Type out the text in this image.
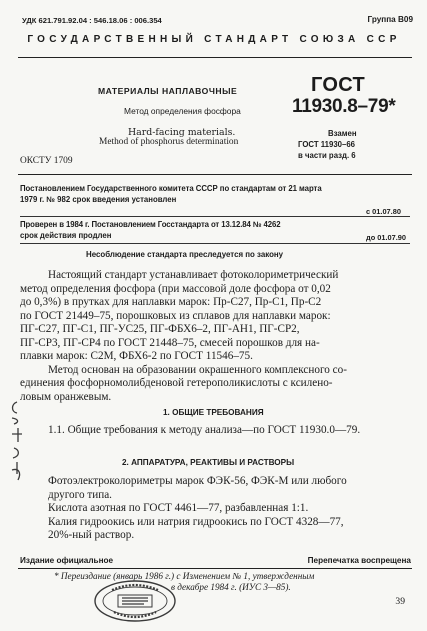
УДК 621.791.92.04 : 546.18.06 : 006.354	Группа В09
ГОСУДАРСТВЕННЫЙ СТАНДАРТ СОЮЗА ССР
МАТЕРИАЛЫ НАПЛАВОЧНЫЕ
Метод определения фосфора
Hard-facing materials.
Method of phosphorus determination
ОКСТУ 1709
ГОСТ
11930.8–79*
Взамен
ГОСТ 11930–66
в части разд. 6
Постановлением Государственного комитета СССР по стандартам от 21 марта
1979 г. № 982 срок введения установлен
с 01.07.80
Проверен в 1984 г. Постановлением Госстандарта от 13.12.84 № 4262
срок действия продлен	до 01.07.90
Несоблюдение стандарта преследуется по закону
Настоящий стандарт устанавливает фотоколориметрический
метод определения фосфора (при массовой доле фосфора от 0,02
до 0,3%) в прутках для наплавки марок: Пр-С27, Пр-С1, Пр-С2
по ГОСТ 21449–75, порошковых из сплавов для наплавки марок:
ПГ-С27, ПГ-С1, ПГ-УС25, ПГ-ФБХ6–2, ПГ-АН1, ПГ-СР2,
ПГ-СР3, ПГ-СР4 по ГОСТ 21448–75, смесей порошков для на-
плавки марок: С2М, ФБХ6-2 по ГОСТ 11546–75.
Метод основан на образовании окрашенного комплексного со-
единения фосфорномолибденовой гетерополикислоты с ксилено-
ловым оранжевым.
1. ОБЩИЕ ТРЕБОВАНИЯ
1.1. Общие требования к методу анализа—по ГОСТ 11930.0—79.
2. АППАРАТУРА, РЕАКТИВЫ И РАСТВОРЫ
Фотоэлектроколориметры марок ФЭК-56, ФЭК-М или любого
другого типа.
Кислота азотная по ГОСТ 4461—77, разбавленная 1:1.
Калия гидроокись или натрия гидроокись по ГОСТ 4328—77,
20%-ный раствор.
Издание официальное	Перепечатка воспрещена
* Переиздание (январь 1986 г.) с Изменением № 1, утвержденным
в декабре 1984 г. (ИУС 3—85).
39
